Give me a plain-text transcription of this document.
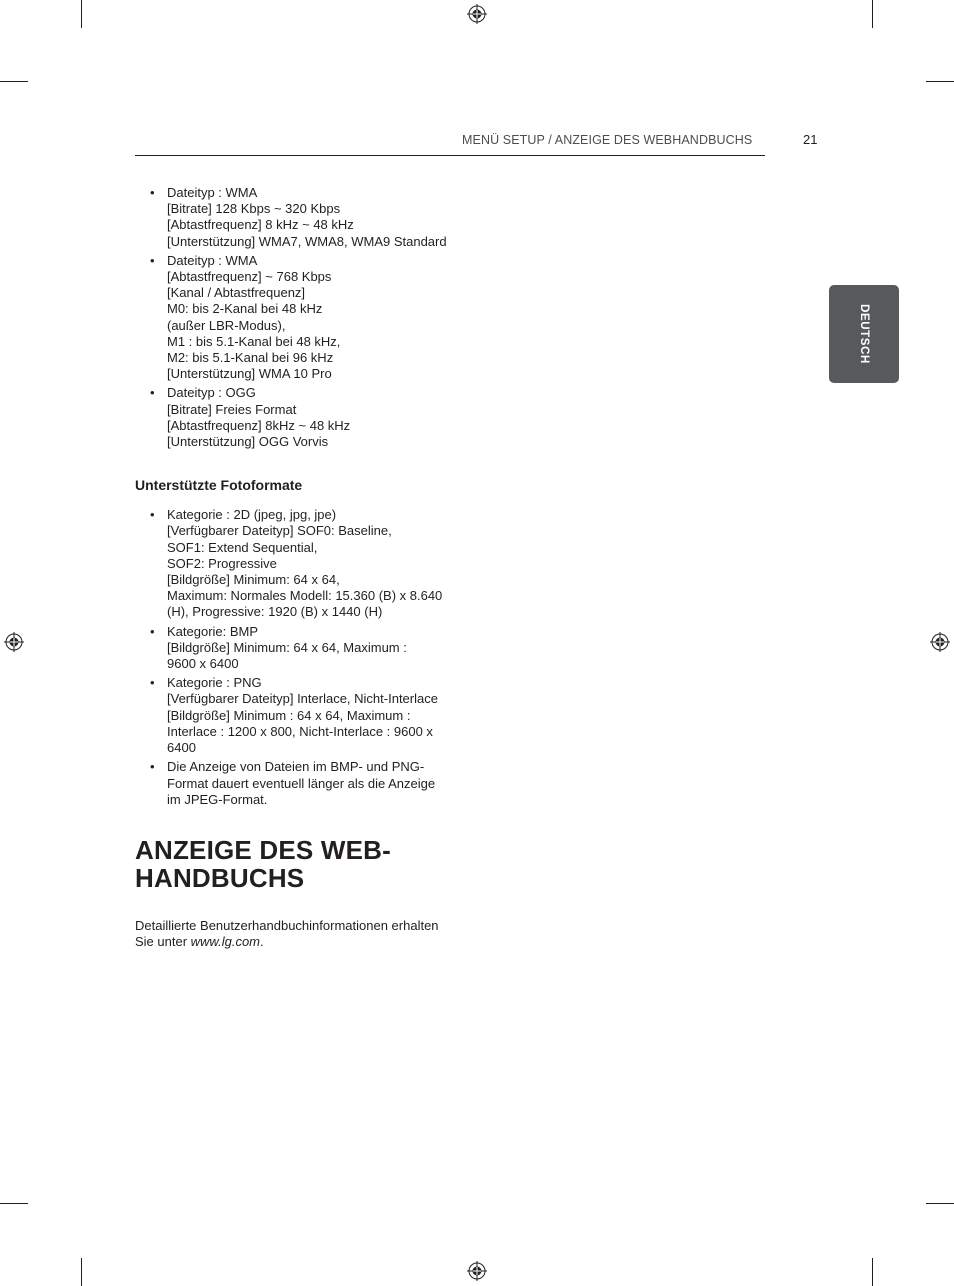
MENÜ SETUP / ANZEIGE DES WEBHANDBUCHS	21
DEUTSCH
• Dateityp : WMA
[Bitrate] 128 Kbps ~ 320 Kbps
[Abtastfrequenz] 8 kHz ~ 48 kHz
[Unterstützung] WMA7, WMA8, WMA9 Standard
• Dateityp : WMA
[Abtastfrequenz] ~ 768 Kbps
[Kanal / Abtastfrequenz]
M0: bis 2-Kanal bei 48 kHz
(außer LBR-Modus),
M1 : bis 5.1-Kanal bei 48 kHz,
M2: bis 5.1-Kanal bei 96 kHz
[Unterstützung] WMA 10 Pro
• Dateityp : OGG
[Bitrate] Freies Format
[Abtastfrequenz] 8kHz ~ 48 kHz
[Unterstützung] OGG Vorvis
Unterstützte Fotoformate
• Kategorie : 2D (jpeg, jpg, jpe)
[Verfügbarer Dateityp] SOF0: Baseline,
SOF1: Extend Sequential,
SOF2: Progressive
[Bildgröße] Minimum: 64 x 64,
Maximum: Normales Modell: 15.360 (B) x 8.640
(H), Progressive: 1920 (B) x 1440 (H)
• Kategorie: BMP
[Bildgröße] Minimum: 64 x 64, Maximum :
9600 x 6400
• Kategorie : PNG
[Verfügbarer Dateityp] Interlace, Nicht-Interlace
[Bildgröße] Minimum : 64 x 64, Maximum :
Interlace : 1200 x 800, Nicht-Interlace : 9600 x
6400
• Die Anzeige von Dateien im BMP- und PNG-
Format dauert eventuell länger als die Anzeige
im JPEG-Format.
ANZEIGE DES WEB-
HANDBUCHS
Detaillierte Benutzerhandbuchinformationen erhalten
Sie unter www.lg.com.
